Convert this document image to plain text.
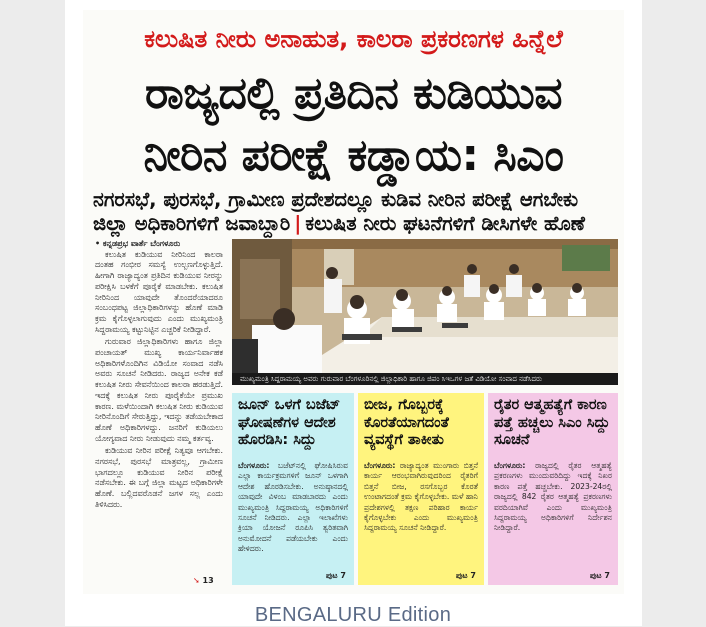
ಕಲುಷಿತ ನೀರು ಅನಾಹುತ, ಕಾಲರಾ ಪ್ರಕರಣಗಳ ಹಿನ್ನೆಲೆ
ರಾಜ್ಯದಲ್ಲಿ ಪ್ರತಿದಿನ ಕುಡಿಯುವ
ನೀರಿನ ಪರೀಕ್ಷೆ ಕಡ್ಡಾಯ: ಸಿಎಂ
ನಗರಸಭೆ, ಪುರಸಭೆ, ಗ್ರಾಮೀಣ ಪ್ರದೇಶದಲ್ಲೂ ಕುಡಿವ ನೀರಿನ ಪರೀಕ್ಷೆ ಆಗಬೇಕು
ಜಿಲ್ಲಾ ಅಧಿಕಾರಿಗಳಿಗೆ ಜವಾಬ್ದಾರಿ | ಕಲುಷಿತ ನೀರು ಘಟನೆಗಳಿಗೆ ಡೀಸಿಗಳೇ ಹೊಣೆ
• ಕನ್ನಡಪ್ರಭ ವಾರ್ತೆ ಬೆಂಗಳೂರು

ಕಲುಷಿತ ಕುಡಿಯುವ ನೀರಿನಿಂದ ಕಾಲರಾ ದಂತಹ ಗಂಭೀರ ಸಮಸ್ಯೆ ಉಲ್ಬಣಗೊಳ್ಳುತ್ತಿದೆ. ಹೀಗಾಗಿ ರಾಜ್ಯಾದ್ಯಂತ ಪ್ರತಿದಿನ ಕುಡಿಯುವ ನೀರನ್ನು ಪರೀಕ್ಷಿಸಿ ಬಳಕೆಗೆ ಪೂರೈಕೆ ಮಾಡಬೇಕು. ಕಲುಷಿತ ನೀರಿನಿಂದ ಯಾವುದೇ ತೊಂದರೆಯಾದರೂ ಸಂಬಂಧಪಟ್ಟ ಜಿಲ್ಲಾಧಿಕಾರಿಗಳನ್ನು ಹೊಣೆ ಮಾಡಿ ಕ್ರಮ ಕೈಗೊಳ್ಳಲಾಗುವುದು ಎಂದು ಮುಖ್ಯಮಂತ್ರಿ ಸಿದ್ದರಾಮಯ್ಯ ಕಟ್ಟುನಿಟ್ಟಿನ ಎಚ್ಚರಿಕೆ ನೀಡಿದ್ದಾರೆ.

ಗುರುವಾರ ಜಿಲ್ಲಾಧಿಕಾರಿಗಳು ಹಾಗೂ ಜಿಲ್ಲಾ ಪಂಚಾಯತ್ ಮುಖ್ಯ ಕಾರ್ಯನಿರ್ವಾಹಕ ಅಧಿಕಾರಿಗಳೊಂದಿಗಿನ ವಿಡಿಯೋ ಸಂವಾದ ನಡೆಸಿ ಅವರು ಸೂಚನೆ ನೀಡಿದರು. ರಾಜ್ಯದ ಅನೇಕ ಕಡೆ ಕಲುಷಿತ ನೀರು ಸೇವನೆಯಿಂದ ಕಾಲರಾ ಹರಡುತ್ತಿದೆ. ಇದಕ್ಕೆ ಕಲುಷಿತ ನೀರು ಪೂರೈಕೆಯೇ ಪ್ರಮುಖ ಕಾರಣ. ಮಳೆಯಿಂದಾಗಿ ಕಲುಷಿತ ನೀರು ಕುಡಿಯುವ ನೀರಿನೊಂದಿಗೆ ಸೇರುತ್ತಿದ್ದು, ಇದನ್ನು ತಡೆಯಬೇಕಾದ ಹೊಣೆ ಅಧಿಕಾರಿಗಳದ್ದು. ಜನರಿಗೆ ಕುಡಿಯಲು ಯೋಗ್ಯವಾದ ನೀರು ನೀಡುವುದು ನಮ್ಮ ಕರ್ತವ್ಯ.

ಕುಡಿಯುವ ನೀರಿನ ಪರೀಕ್ಷೆ ನಿತ್ಯವೂ ಆಗಬೇಕು. ನಗರಸಭೆ, ಪುರಸಭೆ ಮಾತ್ರವಲ್ಲ, ಗ್ರಾಮೀಣ ಭಾಗದಲ್ಲೂ ಕುಡಿಯುವ ನೀರಿನ ಪರೀಕ್ಷೆ ನಡೆಸಬೇಕು. ಈ ಬಗ್ಗೆ ಜಿಲ್ಲಾ ಮಟ್ಟದ ಅಧಿಕಾರಿಗಳೇ ಹೊಣೆ. ಬಲ್ಲಿದವರೊಡನೆ ಜಗಳ ಸಲ್ಲ ಎಂದು ತಿಳಿಸಿದರು.

➘ 13
ಮುಖ್ಯಮಂತ್ರಿ ಸಿದ್ದರಾಮಯ್ಯ ಅವರು ಗುರುವಾರ ಬೆಂಗಳೂರಿನಲ್ಲಿ ಜಿಲ್ಲಾಧಿಕಾರಿ ಹಾಗೂ ಜಿಪಂ ಸಿಇಒಗಳ ಜತೆ ವಿಡಿಯೋ ಸಂವಾದ ನಡೆಸಿದರು
ಜೂನ್ ಒಳಗೆ ಬಜೆಟ್ ಘೋಷಣೆಗಳ ಆದೇಶ ಹೊರಡಿಸಿ: ಸಿದ್ದು
ಬೆಂಗಳೂರು: ಬಜೆಟ್‌ನಲ್ಲಿ ಘೋಷಿಸಿರುವ ಎಲ್ಲಾ ಕಾರ್ಯಕ್ರಮಗಳಿಗೆ ಜೂನ್ ಒಳಗಾಗಿ ಆದೇಶ ಹೊರಡಿಸಬೇಕು. ಅನುಷ್ಠಾನದಲ್ಲಿ ಯಾವುದೇ ವಿಳಂಬ ಮಾಡಬಾರದು ಎಂದು ಮುಖ್ಯಮಂತ್ರಿ ಸಿದ್ದರಾಮಯ್ಯ ಅಧಿಕಾರಿಗಳಿಗೆ ಸೂಚನೆ ನೀಡಿದರು. ಎಲ್ಲಾ ಇಲಾಖೆಗಳು ಕ್ರಿಯಾ ಯೋಜನೆ ರೂಪಿಸಿ ತ್ವರಿತವಾಗಿ ಅನುಮೋದನೆ ಪಡೆಯಬೇಕು ಎಂದು ಹೇಳಿದರು.
ಪುಟ 7
ಬೀಜ, ಗೊಬ್ಬರಕ್ಕೆ ಕೊರತೆಯಾಗದಂತೆ ವ್ಯವಸ್ಥೆಗೆ ತಾಕೀತು
ಬೆಂಗಳೂರು: ರಾಜ್ಯಾದ್ಯಂತ ಮುಂಗಾರು ಬಿತ್ತನೆ ಕಾರ್ಯ ಆರಂಭವಾಗಿರುವುದರಿಂದ ರೈತರಿಗೆ ಬಿತ್ತನೆ ಬೀಜ, ರಸಗೊಬ್ಬರ ಕೊರತೆ ಉಂಟಾಗದಂತೆ ಕ್ರಮ ಕೈಗೊಳ್ಳಬೇಕು. ಮಳೆ ಹಾನಿ ಪ್ರದೇಶಗಳಲ್ಲಿ ತಕ್ಷಣ ಪರಿಹಾರ ಕಾರ್ಯ ಕೈಗೊಳ್ಳಬೇಕು ಎಂದು ಮುಖ್ಯಮಂತ್ರಿ ಸಿದ್ದರಾಮಯ್ಯ ಸೂಚನೆ ನೀಡಿದ್ದಾರೆ.
ಪುಟ 7
ರೈತರ ಆತ್ಮಹತ್ಯೆಗೆ ಕಾರಣ ಪತ್ತೆ ಹಚ್ಚಲು ಸಿಎಂ ಸಿದ್ದು ಸೂಚನೆ
ಬೆಂಗಳೂರು: ರಾಜ್ಯದಲ್ಲಿ ರೈತರ ಆತ್ಮಹತ್ಯೆ ಪ್ರಕರಣಗಳು ಮುಂದುವರಿದಿದ್ದು ಇದಕ್ಕೆ ನಿಖರ ಕಾರಣ ಪತ್ತೆ ಹಚ್ಚಬೇಕು. 2023-24ರಲ್ಲಿ ರಾಜ್ಯದಲ್ಲಿ 842 ರೈತರ ಆತ್ಮಹತ್ಯೆ ಪ್ರಕರಣಗಳು ವರದಿಯಾಗಿವೆ ಎಂದು ಮುಖ್ಯಮಂತ್ರಿ ಸಿದ್ದರಾಮಯ್ಯ ಅಧಿಕಾರಿಗಳಿಗೆ ನಿರ್ದೇಶನ ನೀಡಿದ್ದಾರೆ.
ಪುಟ 7
BENGALURU Edition
